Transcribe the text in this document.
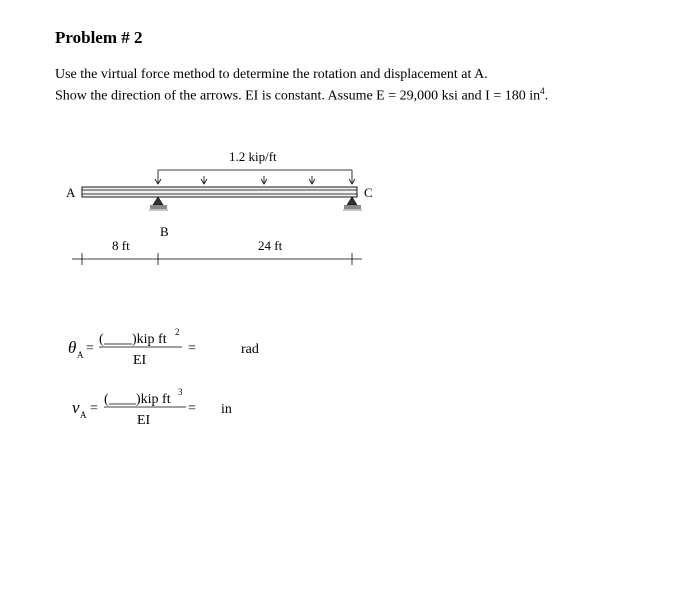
Problem # 2
Use the virtual force method to determine the rotation and displacement at A.
Show the direction of the arrows. EI is constant. Assume E = 29,000 ksi and I = 180 $in^4$.
1.2 kip/ft
A
B
C
8 ft	24 ft
θ A =
( )kip ft 2
EI
=	rad
v A =
( )kip ft 3
EI
= in
